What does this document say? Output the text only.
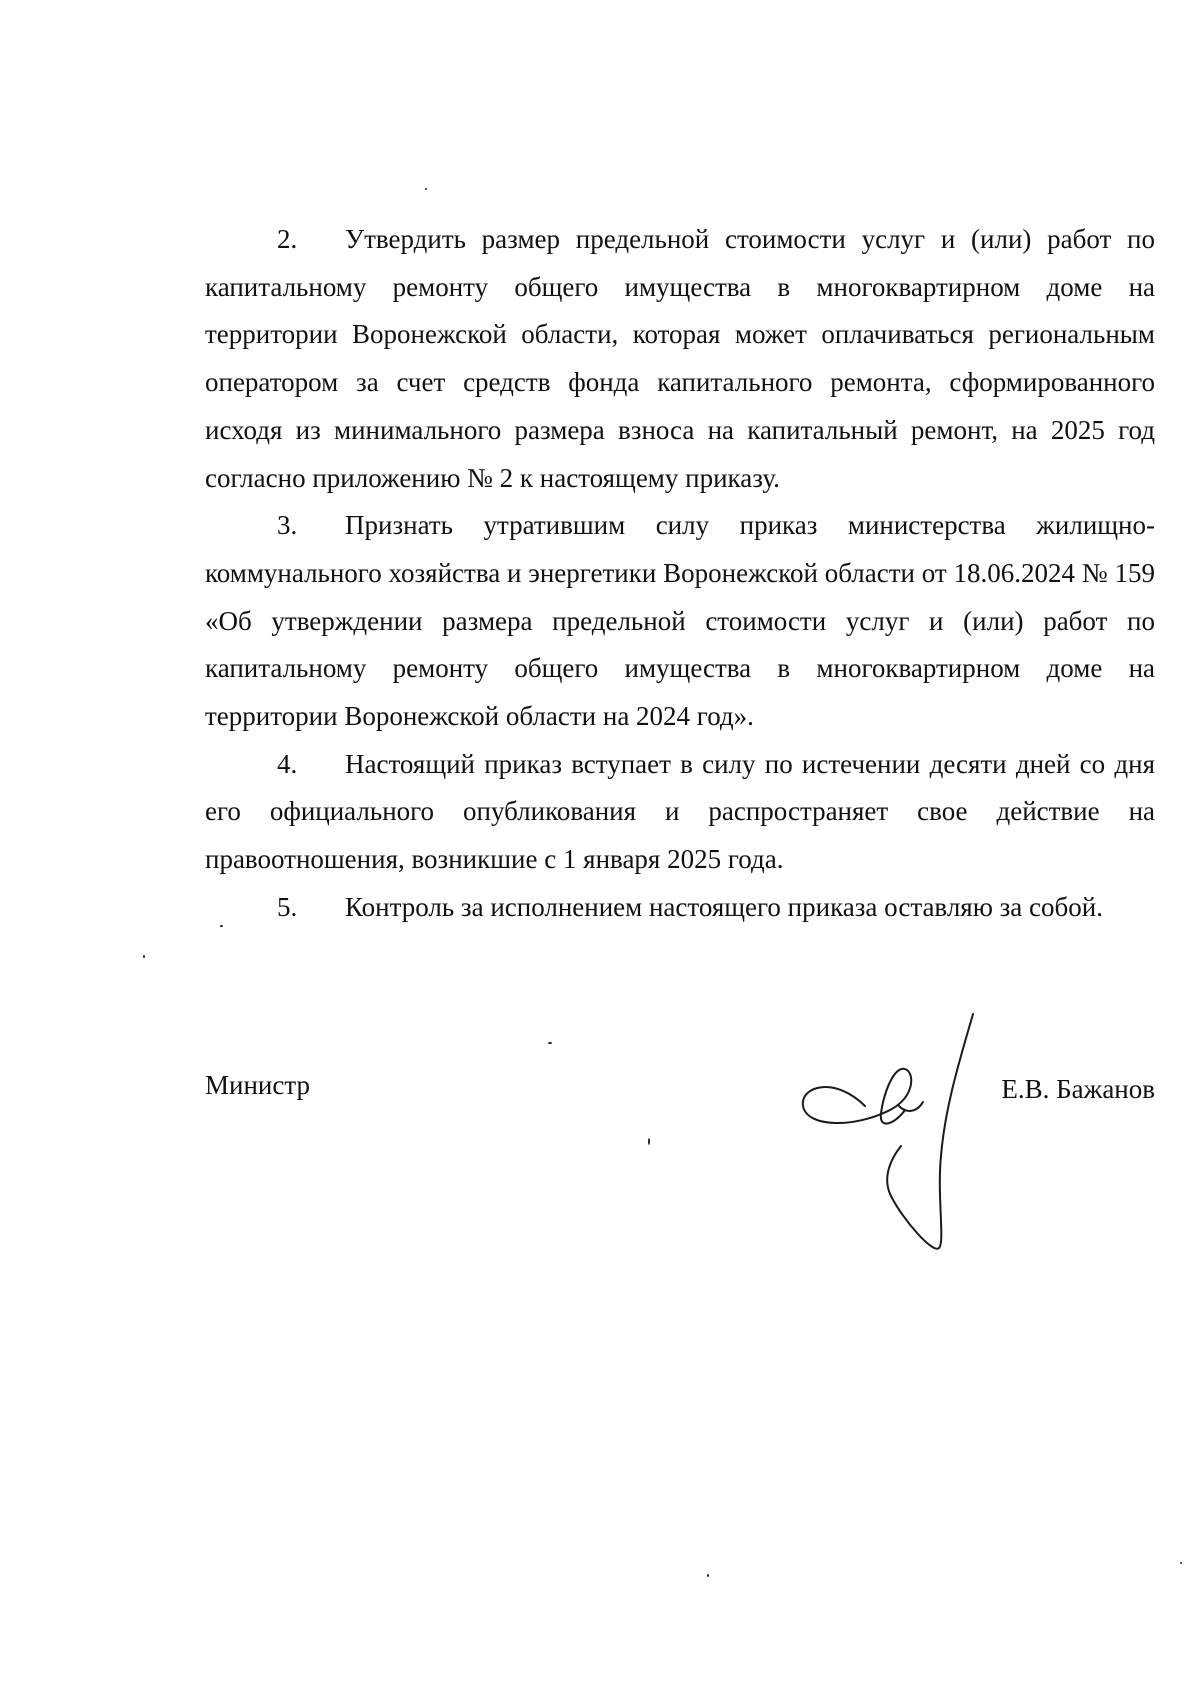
2. Утвердить размер предельной стоимости услуг и (или) работ по капитальному ремонту общего имущества в многоквартирном доме на территории Воронежской области, которая может оплачиваться региональным оператором за счет средств фонда капитального ремонта, сформированного исходя из минимального размера взноса на капитальный ремонт, на 2025 год согласно приложению № 2 к настоящему приказу.

3. Признать утратившим силу приказ министерства жилищно-коммунального хозяйства и энергетики Воронежской области от 18.06.2024 № 159 «Об утверждении размера предельной стоимости услуг и (или) работ по капитальному ремонту общего имущества в многоквартирном доме на территории Воронежской области на 2024 год».

4. Настоящий приказ вступает в силу по истечении десяти дней со дня его официального опубликования и распространяет свое действие на правоотношения, возникшие с 1 января 2025 года.

5. Контроль за исполнением настоящего приказа оставляю за собой.

Министр	Е.В. Бажанов
